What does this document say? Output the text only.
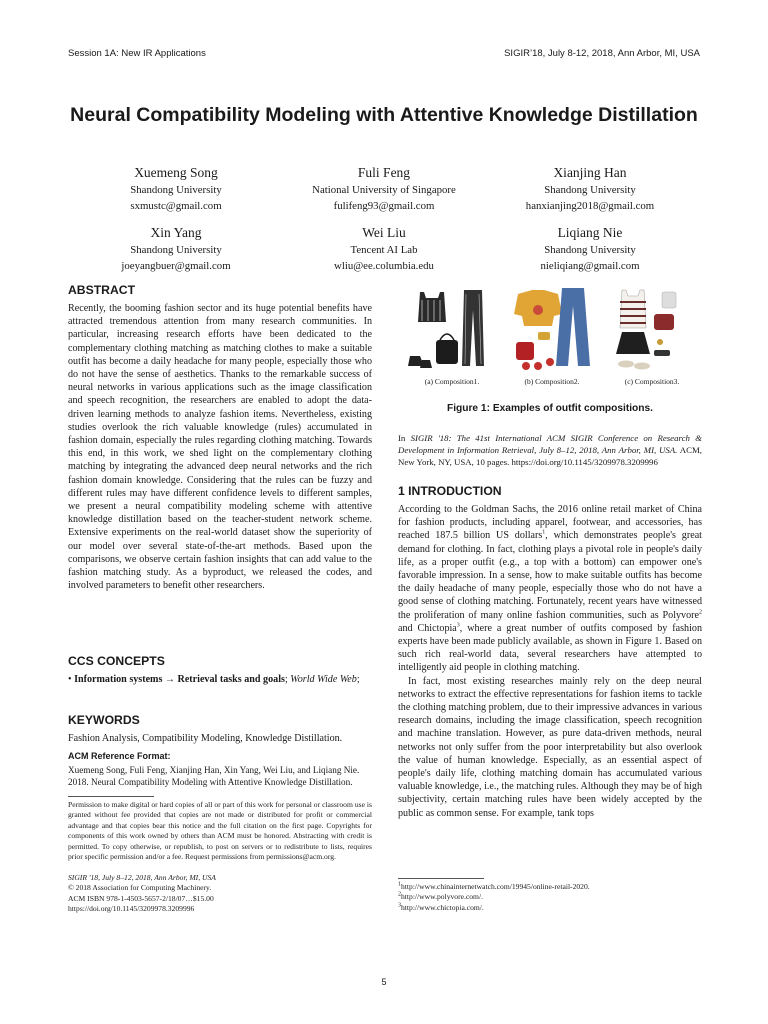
Session 1A: New IR Applications	SIGIR’18, July 8-12, 2018, Ann Arbor, MI, USA
Neural Compatibility Modeling with Attentive Knowledge Distillation
Xuemeng Song
Shandong University
sxmustc@gmail.com
Fuli Feng
National University of Singapore
fulifeng93@gmail.com
Xianjing Han
Shandong University
hanxianjing2018@gmail.com
Xin Yang
Shandong University
joeyangbuer@gmail.com
Wei Liu
Tencent AI Lab
wliu@ee.columbia.edu
Liqiang Nie
Shandong University
nieliqiang@gmail.com
ABSTRACT
Recently, the booming fashion sector and its huge potential benefits have attracted tremendous attention from many research communities. In particular, increasing research efforts have been dedicated to the complementary clothing matching as matching clothes to make a suitable outfit has become a daily headache for many people, especially those who do not have the sense of aesthetics. Thanks to the remarkable success of neural networks in various applications such as the image classification and speech recognition, the researchers are enabled to adopt the data-driven learning methods to analyze fashion items. Nevertheless, existing studies overlook the rich valuable knowledge (rules) accumulated in fashion domain, especially the rules regarding clothing matching. Towards this end, in this work, we shed light on the complementary clothing matching by integrating the advanced deep neural networks and the rich fashion domain knowledge. Considering that the rules can be fuzzy and different rules may have different confidence levels to different samples, we present a neural compatibility modeling scheme with attentive knowledge distillation based on the teacher-student network scheme. Extensive experiments on the real-world dataset show the superiority of our model over several state-of-the-art methods. Based upon the comparisons, we observe certain fashion insights that can add value to the fashion matching study. As a byproduct, we released the codes, and involved parameters to benefit other researchers.
CCS CONCEPTS
• Information systems → Retrieval tasks and goals; World Wide Web;
KEYWORDS
Fashion Analysis, Compatibility Modeling, Knowledge Distillation.
ACM Reference Format:
Xuemeng Song, Fuli Feng, Xianjing Han, Xin Yang, Wei Liu, and Liqiang Nie. 2018. Neural Compatibility Modeling with Attentive Knowledge Distillation.
Permission to make digital or hard copies of all or part of this work for personal or classroom use is granted without fee provided that copies are not made or distributed for profit or commercial advantage and that copies bear this notice and the full citation on the first page. Copyrights for components of this work owned by others than ACM must be honored. Abstracting with credit is permitted. To copy otherwise, or republish, to post on servers or to redistribute to lists, requires prior specific permission and/or a fee. Request permissions from permissions@acm.org.
SIGIR '18, July 8–12, 2018, Ann Arbor, MI, USA
© 2018 Association for Computing Machinery.
ACM ISBN 978-1-4503-5657-2/18/07…$15.00
https://doi.org/10.1145/3209978.3209996
(a) Composition1.	(b) Composition2.	(c) Composition3.
Figure 1: Examples of outfit compositions.
In SIGIR '18: The 41st International ACM SIGIR Conference on Research & Development in Information Retrieval, July 8–12, 2018, Ann Arbor, MI, USA. ACM, New York, NY, USA, 10 pages. https://doi.org/10.1145/3209978.3209996
1 INTRODUCTION

According to the Goldman Sachs, the 2016 online retail market of China for fashion products, including apparel, footwear, and accessories, has reached 187.5 billion US dollars$^1$, which demonstrates people's great demand for clothing. In fact, clothing plays a pivotal role in people's daily life, as a proper outfit (e.g., a top with a bottom) can empower one's favorable impression. In a sense, how to make suitable outfits has become the daily headache of many people, especially those who do not have a good sense of clothing matching. Fortunately, recent years have witnessed the proliferation of many online fashion communities, such as Polyvore$^2$ and Chictopia$^3$, where a great number of outfits composed by fashion experts have been made publicly available, as shown in Figure 1. Based on such rich real-world data, several researchers have attempted to intelligently aid people in clothing matching.

In fact, most existing researches mainly rely on the deep neural networks to extract the effective representations for fashion items to tackle the clothing matching problem, due to their impressive advances in various research domains, including the image classification, speech recognition and machine translation. However, as pure data-driven methods, neural networks not only suffer from the poor interpretability but also overlook the value of human knowledge. Especially, as an essential aspect of people's daily life, clothing matching domain has accumulated various valuable knowledge, i.e., the matching rules. Although they may be of high subjectivity, certain matching rules have been widely accepted by the public as common sense. For example, tank tops

$^1$http://www.chinainternetwatch.com/19945/online-retail-2020.
$^2$http://www.polyvore.com/.
$^3$http://www.chictopia.com/.
5
